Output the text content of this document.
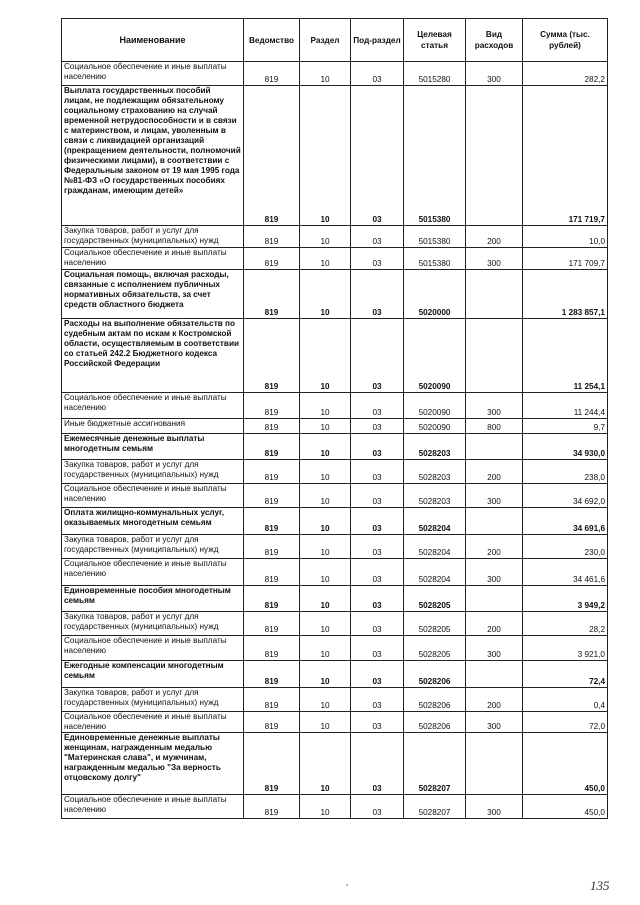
Наименование	Ведомство	Раздел	Под-раздел	Целевая статья	Вид расходов	Сумма (тыс. рублей)
Социальное обеспечение и иные выплаты населению	819	10	03	5015280	300	282,2
Выплата государственных пособий лицам, не подлежащим обязательному социальному страхованию на случай временной нетрудоспособности и в связи с материнством, и лицам, уволенным в связи с ликвидацией организаций (прекращением деятельности, полномочий физическими лицами), в соответствии с Федеральным законом от 19 мая 1995 года №81-ФЗ «О государственных пособиях гражданам, имеющим детей»	819	10	03	5015380		171 719,7
Закупка товаров, работ и услуг для государственных (муниципальных) нужд	819	10	03	5015380	200	10,0
Социальное обеспечение и иные выплаты населению	819	10	03	5015380	300	171 709,7
Социальная помощь, включая расходы, связанные с исполнением публичных нормативных обязательств, за счет средств областного бюджета	819	10	03	5020000		1 283 857,1
Расходы на выполнение обязательств по судебным актам по искам к Костромской области, осуществляемым в соответствии со статьей 242.2 Бюджетного кодекса Российской Федерации	819	10	03	5020090		11 254,1
Социальное обеспечение и иные выплаты населению	819	10	03	5020090	300	11 244,4
Иные бюджетные ассигнования	819	10	03	5020090	800	9,7
Ежемесячные денежные выплаты многодетным семьям	819	10	03	5028203		34 930,0
Закупка товаров, работ и услуг для государственных (муниципальных) нужд	819	10	03	5028203	200	238,0
Социальное обеспечение и иные выплаты населению	819	10	03	5028203	300	34 692,0
Оплата жилищно-коммунальных услуг, оказываемых многодетным семьям	819	10	03	5028204		34 691,6
Закупка товаров, работ и услуг для государственных (муниципальных) нужд	819	10	03	5028204	200	230,0
Социальное обеспечение и иные выплаты населению	819	10	03	5028204	300	34 461,6
Единовременные пособия многодетным семьям	819	10	03	5028205		3 949,2
Закупка товаров, работ и услуг для государственных (муниципальных) нужд	819	10	03	5028205	200	28,2
Социальное обеспечение и иные выплаты населению	819	10	03	5028205	300	3 921,0
Ежегодные компенсации многодетным семьям	819	10	03	5028206		72,4
Закупка товаров, работ и услуг для государственных (муниципальных) нужд	819	10	03	5028206	200	0,4
Социальное обеспечение и иные выплаты населению	819	10	03	5028206	300	72,0
Единовременные денежные выплаты женщинам, награжденным медалью "Материнская слава", и мужчинам, награжденным медалью "За верность отцовскому долгу"	819	10	03	5028207		450,0
Социальное обеспечение и иные выплаты населению	819	10	03	5028207	300	450,0
135
